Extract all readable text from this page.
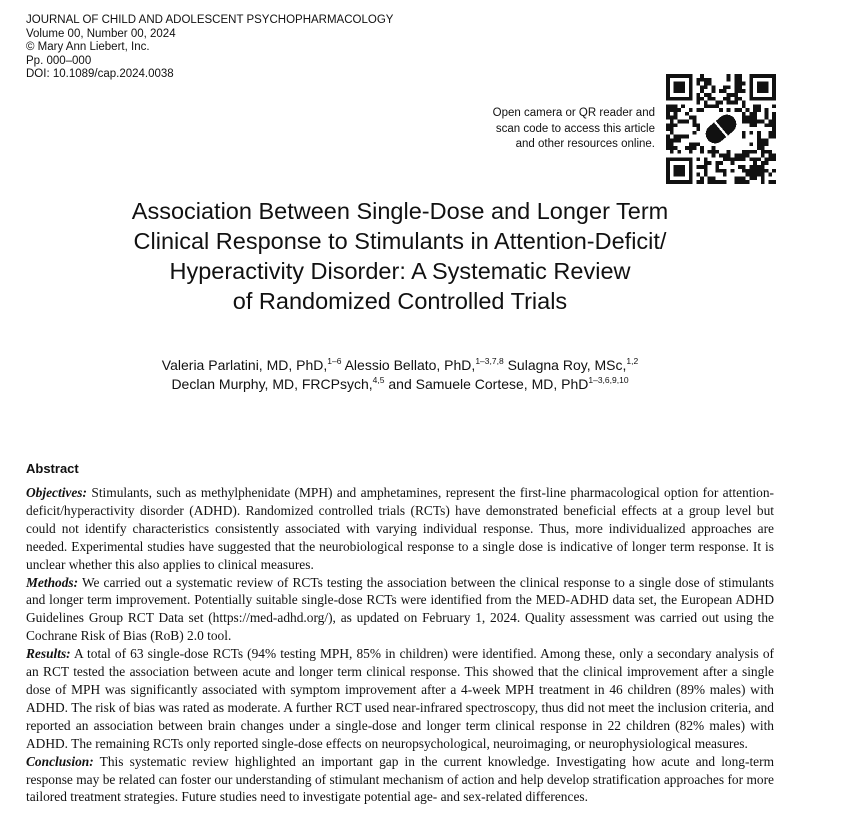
JOURNAL OF CHILD AND ADOLESCENT PSYCHOPHARMACOLOGY
Volume 00, Number 00, 2024
© Mary Ann Liebert, Inc.
Pp. 000–000
DOI: 10.1089/cap.2024.0038
Open camera or QR reader and
scan code to access this article
and other resources online.
Association Between Single-Dose and Longer Term
Clinical Response to Stimulants in Attention-Deficit/
Hyperactivity Disorder: A Systematic Review
of Randomized Controlled Trials
Valeria Parlatini, MD, PhD,$^{1-6}$ Alessio Bellato, PhD,$^{1-3,7,8}$ Sulagna Roy, MSc,$^{1,2}$
Declan Murphy, MD, FRCPsych,$^{4,5}$ and Samuele Cortese, MD, PhD$^{1-3,6,9,10}$
Abstract

Objectives: Stimulants, such as methylphenidate (MPH) and amphetamines, represent the first-line pharmacological option for attention-deficit/hyperactivity disorder (ADHD). Randomized controlled trials (RCTs) have demonstrated beneficial effects at a group level but could not identify characteristics consistently associated with varying individual response. Thus, more individualized approaches are needed. Experimental studies have suggested that the neurobiological response to a single dose is indicative of longer term response. It is unclear whether this also applies to clinical measures.

Methods: We carried out a systematic review of RCTs testing the association between the clinical response to a single dose of stimulants and longer term improvement. Potentially suitable single-dose RCTs were identified from the MED-ADHD data set, the European ADHD Guidelines Group RCT Data set (https://med-adhd.org/), as updated on February 1, 2024. Quality assessment was carried out using the Cochrane Risk of Bias (RoB) 2.0 tool.

Results: A total of 63 single-dose RCTs (94% testing MPH, 85% in children) were identified. Among these, only a secondary analysis of an RCT tested the association between acute and longer term clinical response. This showed that the clinical improvement after a single dose of MPH was significantly associated with symptom improvement after a 4-week MPH treatment in 46 children (89% males) with ADHD. The risk of bias was rated as moderate. A further RCT used near-infrared spectroscopy, thus did not meet the inclusion criteria, and reported an association between brain changes under a single-dose and longer term clinical response in 22 children (82% males) with ADHD. The remaining RCTs only reported single-dose effects on neuropsychological, neuroimaging, or neurophysiological measures.

Conclusion: This systematic review highlighted an important gap in the current knowledge. Investigating how acute and long-term response may be related can foster our understanding of stimulant mechanism of action and help develop stratification approaches for more tailored treatment strategies. Future studies need to investigate potential age- and sex-related differences.
